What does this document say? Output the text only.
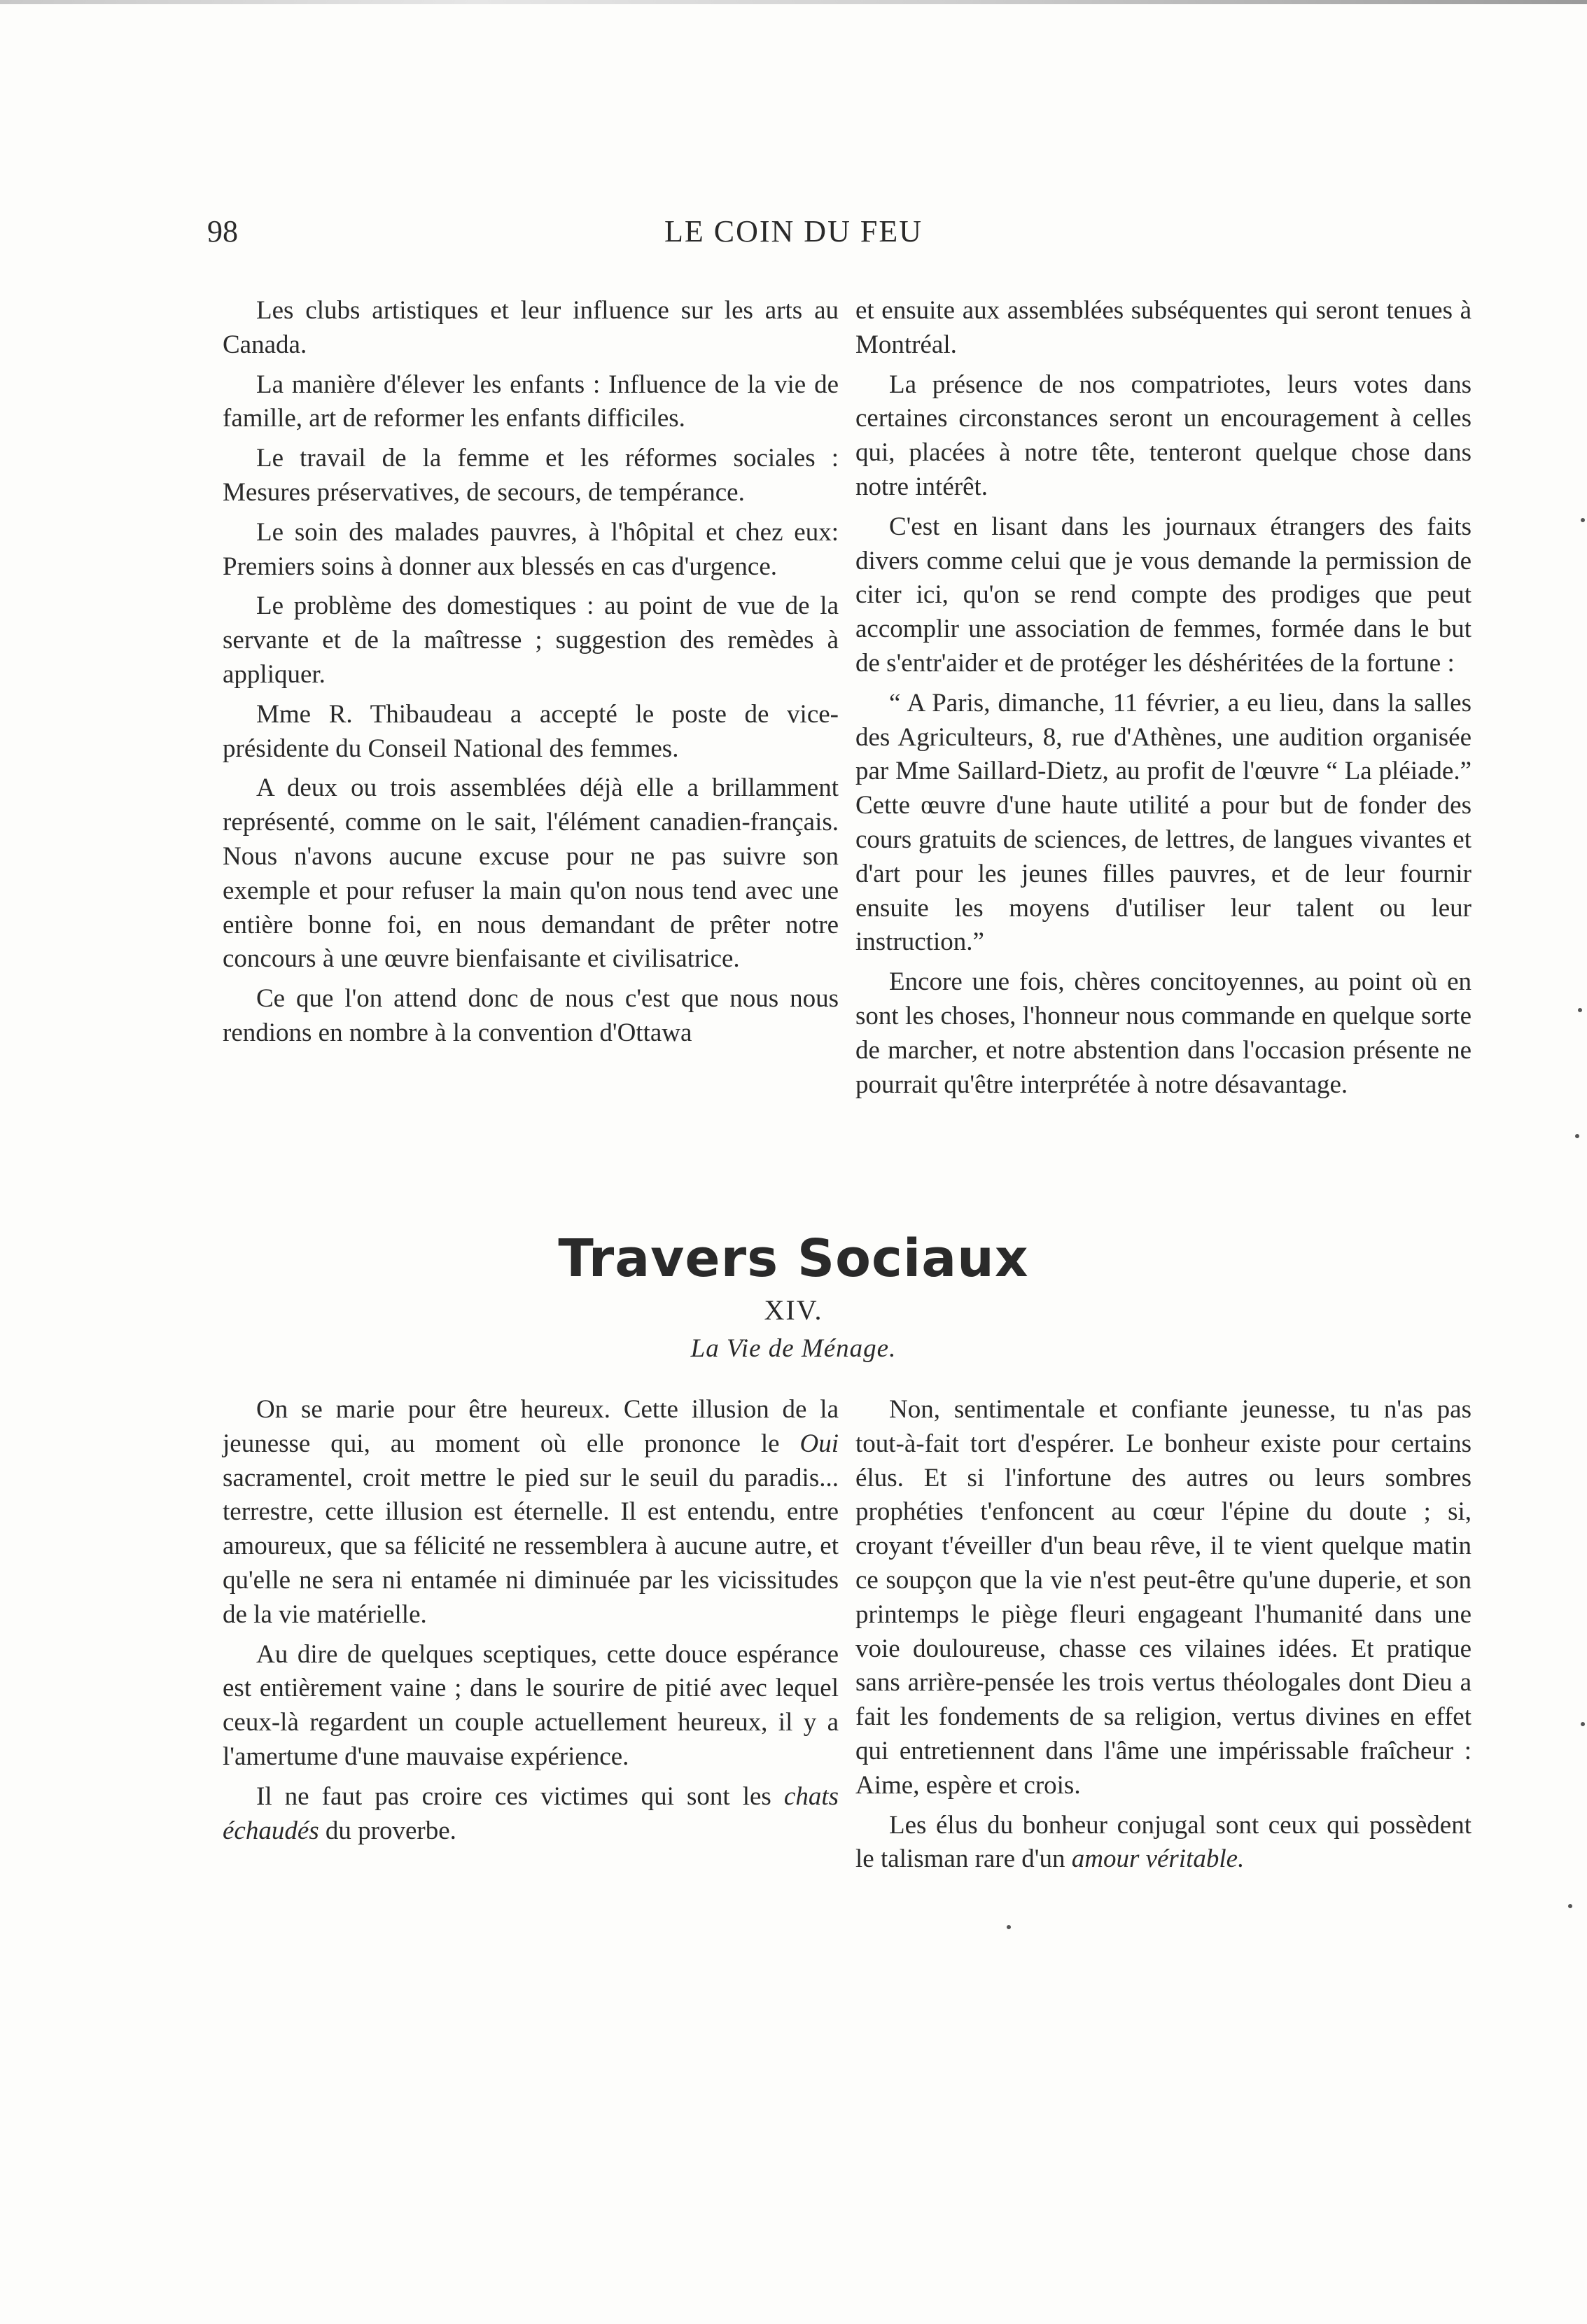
98	LE COIN DU FEU

Les clubs artistiques et leur influence sur les arts au Canada.

La manière d'élever les enfants : Influence de la vie de famille, art de reformer les enfants difficiles.

Le travail de la femme et les réformes sociales : Mesures préservatives, de secours, de tempérance.

Le soin des malades pauvres, à l'hôpital et chez eux: Premiers soins à donner aux blessés en cas d'urgence.

Le problème des domestiques : au point de vue de la servante et de la maîtresse ; suggestion des remèdes à appliquer.

Mme R. Thibaudeau a accepté le poste de vice-présidente du Conseil National des femmes.

A deux ou trois assemblées déjà elle a brillamment représenté, comme on le sait, l'élément canadien-français. Nous n'avons aucune excuse pour ne pas suivre son exemple et pour refuser la main qu'on nous tend avec une entière bonne foi, en nous demandant de prêter notre concours à une œuvre bienfaisante et civilisatrice.

Ce que l'on attend donc de nous c'est que nous nous rendions en nombre à la convention d'Ottawa

et ensuite aux assemblées subséquentes qui seront tenues à Montréal.

La présence de nos compatriotes, leurs votes dans certaines circonstances seront un encouragement à celles qui, placées à notre tête, tenteront quelque chose dans notre intérêt.

C'est en lisant dans les journaux étrangers des faits divers comme celui que je vous demande la permission de citer ici, qu'on se rend compte des prodiges que peut accomplir une association de femmes, formée dans le but de s'entr'aider et de protéger les déshéritées de la fortune :

“ A Paris, dimanche, 11 février, a eu lieu, dans la salles des Agriculteurs, 8, rue d'Athènes, une audition organisée par Mme Saillard-Dietz, au profit de l'œuvre “ La pléiade.” Cette œuvre d'une haute utilité a pour but de fonder des cours gratuits de sciences, de lettres, de langues vivantes et d'art pour les jeunes filles pauvres, et de leur fournir ensuite les moyens d'utiliser leur talent ou leur instruction.”

Encore une fois, chères concitoyennes, au point où en sont les choses, l'honneur nous commande en quelque sorte de marcher, et notre abstention dans l'occasion présente ne pourrait qu'être interprétée à notre désavantage.

Travers Sociaux
XIV.
La Vie de Ménage.

On se marie pour être heureux. Cette illusion de la jeunesse qui, au moment où elle prononce le Oui sacramentel, croit mettre le pied sur le seuil du paradis... terrestre, cette illusion est éternelle. Il est entendu, entre amoureux, que sa félicité ne ressemblera à aucune autre, et qu'elle ne sera ni entamée ni diminuée par les vicissitudes de la vie matérielle.

Au dire de quelques sceptiques, cette douce espérance est entièrement vaine ; dans le sourire de pitié avec lequel ceux-là regardent un couple actuellement heureux, il y a l'amertume d'une mauvaise expérience.

Il ne faut pas croire ces victimes qui sont les chats échaudés du proverbe.

Non, sentimentale et confiante jeunesse, tu n'as pas tout-à-fait tort d'espérer. Le bonheur existe pour certains élus. Et si l'infortune des autres ou leurs sombres prophéties t'enfoncent au cœur l'épine du doute ; si, croyant t'éveiller d'un beau rêve, il te vient quelque matin ce soupçon que la vie n'est peut-être qu'une duperie, et son printemps le piège fleuri engageant l'humanité dans une voie douloureuse, chasse ces vilaines idées. Et pratique sans arrière-pensée les trois vertus théologales dont Dieu a fait les fondements de sa religion, vertus divines en effet qui entretiennent dans l'âme une impérissable fraîcheur : Aime, espère et crois.

Les élus du bonheur conjugal sont ceux qui possèdent le talisman rare d'un amour véritable.
